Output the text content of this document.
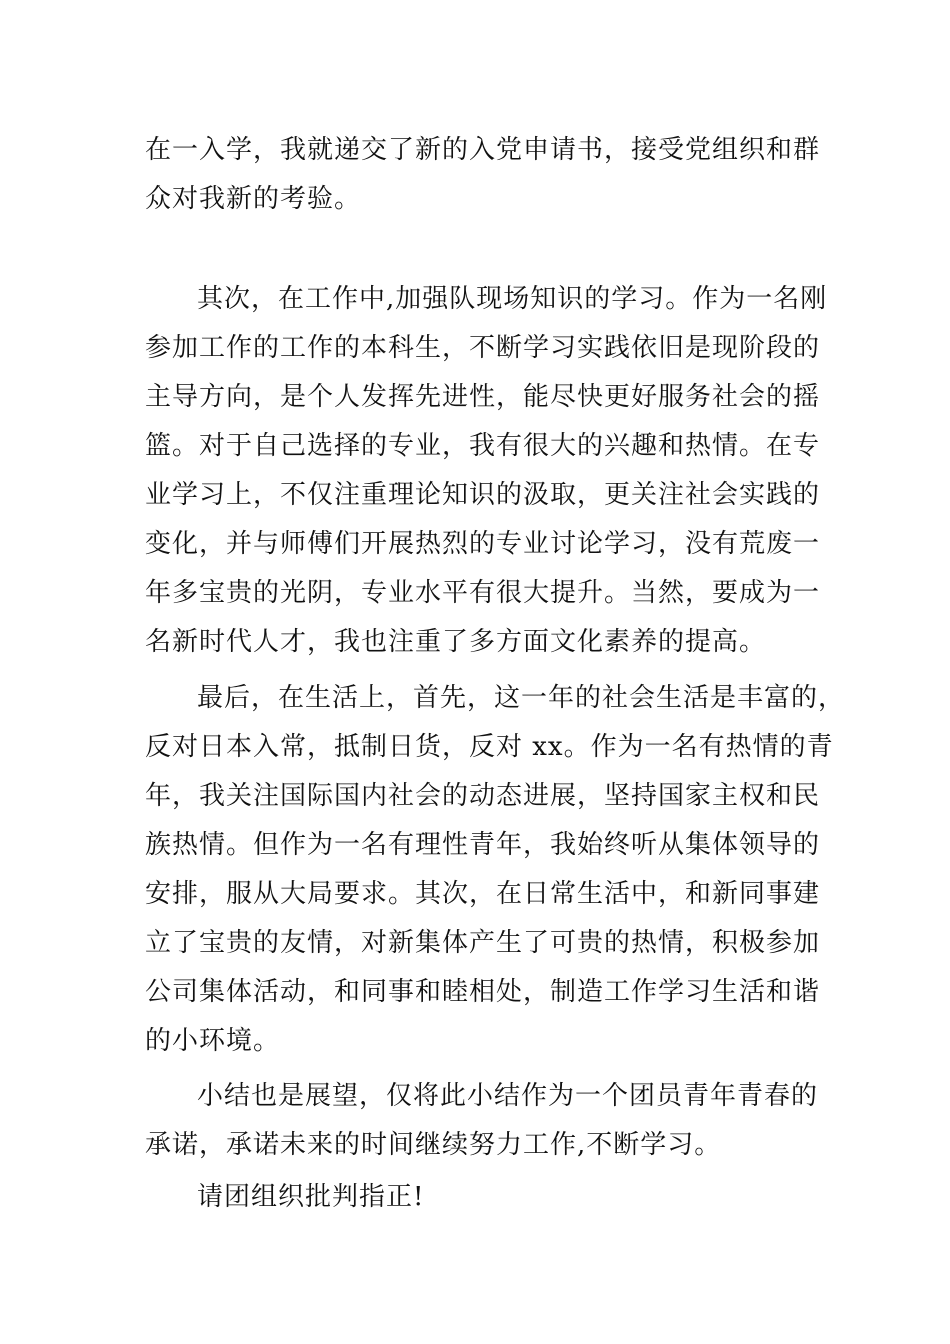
在一入学，我就递交了新的入党申请书，接受党组织和群
众对我新的考验。

其次，在工作中,加强队现场知识的学习。作为一名刚
参加工作的工作的本科生，不断学习实践依旧是现阶段的
主导方向，是个人发挥先进性，能尽快更好服务社会的摇
篮。对于自己选择的专业，我有很大的兴趣和热情。在专
业学习上，不仅注重理论知识的汲取，更关注社会实践的
变化，并与师傅们开展热烈的专业讨论学习，没有荒废一
年多宝贵的光阴，专业水平有很大提升。当然，要成为一
名新时代人才，我也注重了多方面文化素养的提高。

最后，在生活上，首先，这一年的社会生活是丰富的，
反对日本入常，抵制日货，反对 xx。作为一名有热情的青
年，我关注国际国内社会的动态进展，坚持国家主权和民
族热情。但作为一名有理性青年，我始终听从集体领导的
安排，服从大局要求。其次，在日常生活中，和新同事建
立了宝贵的友情，对新集体产生了可贵的热情，积极参加
公司集体活动，和同事和睦相处，制造工作学习生活和谐
的小环境。

小结也是展望，仅将此小结作为一个团员青年青春的
承诺，承诺未来的时间继续努力工作,不断学习。

请团组织批判指正!
